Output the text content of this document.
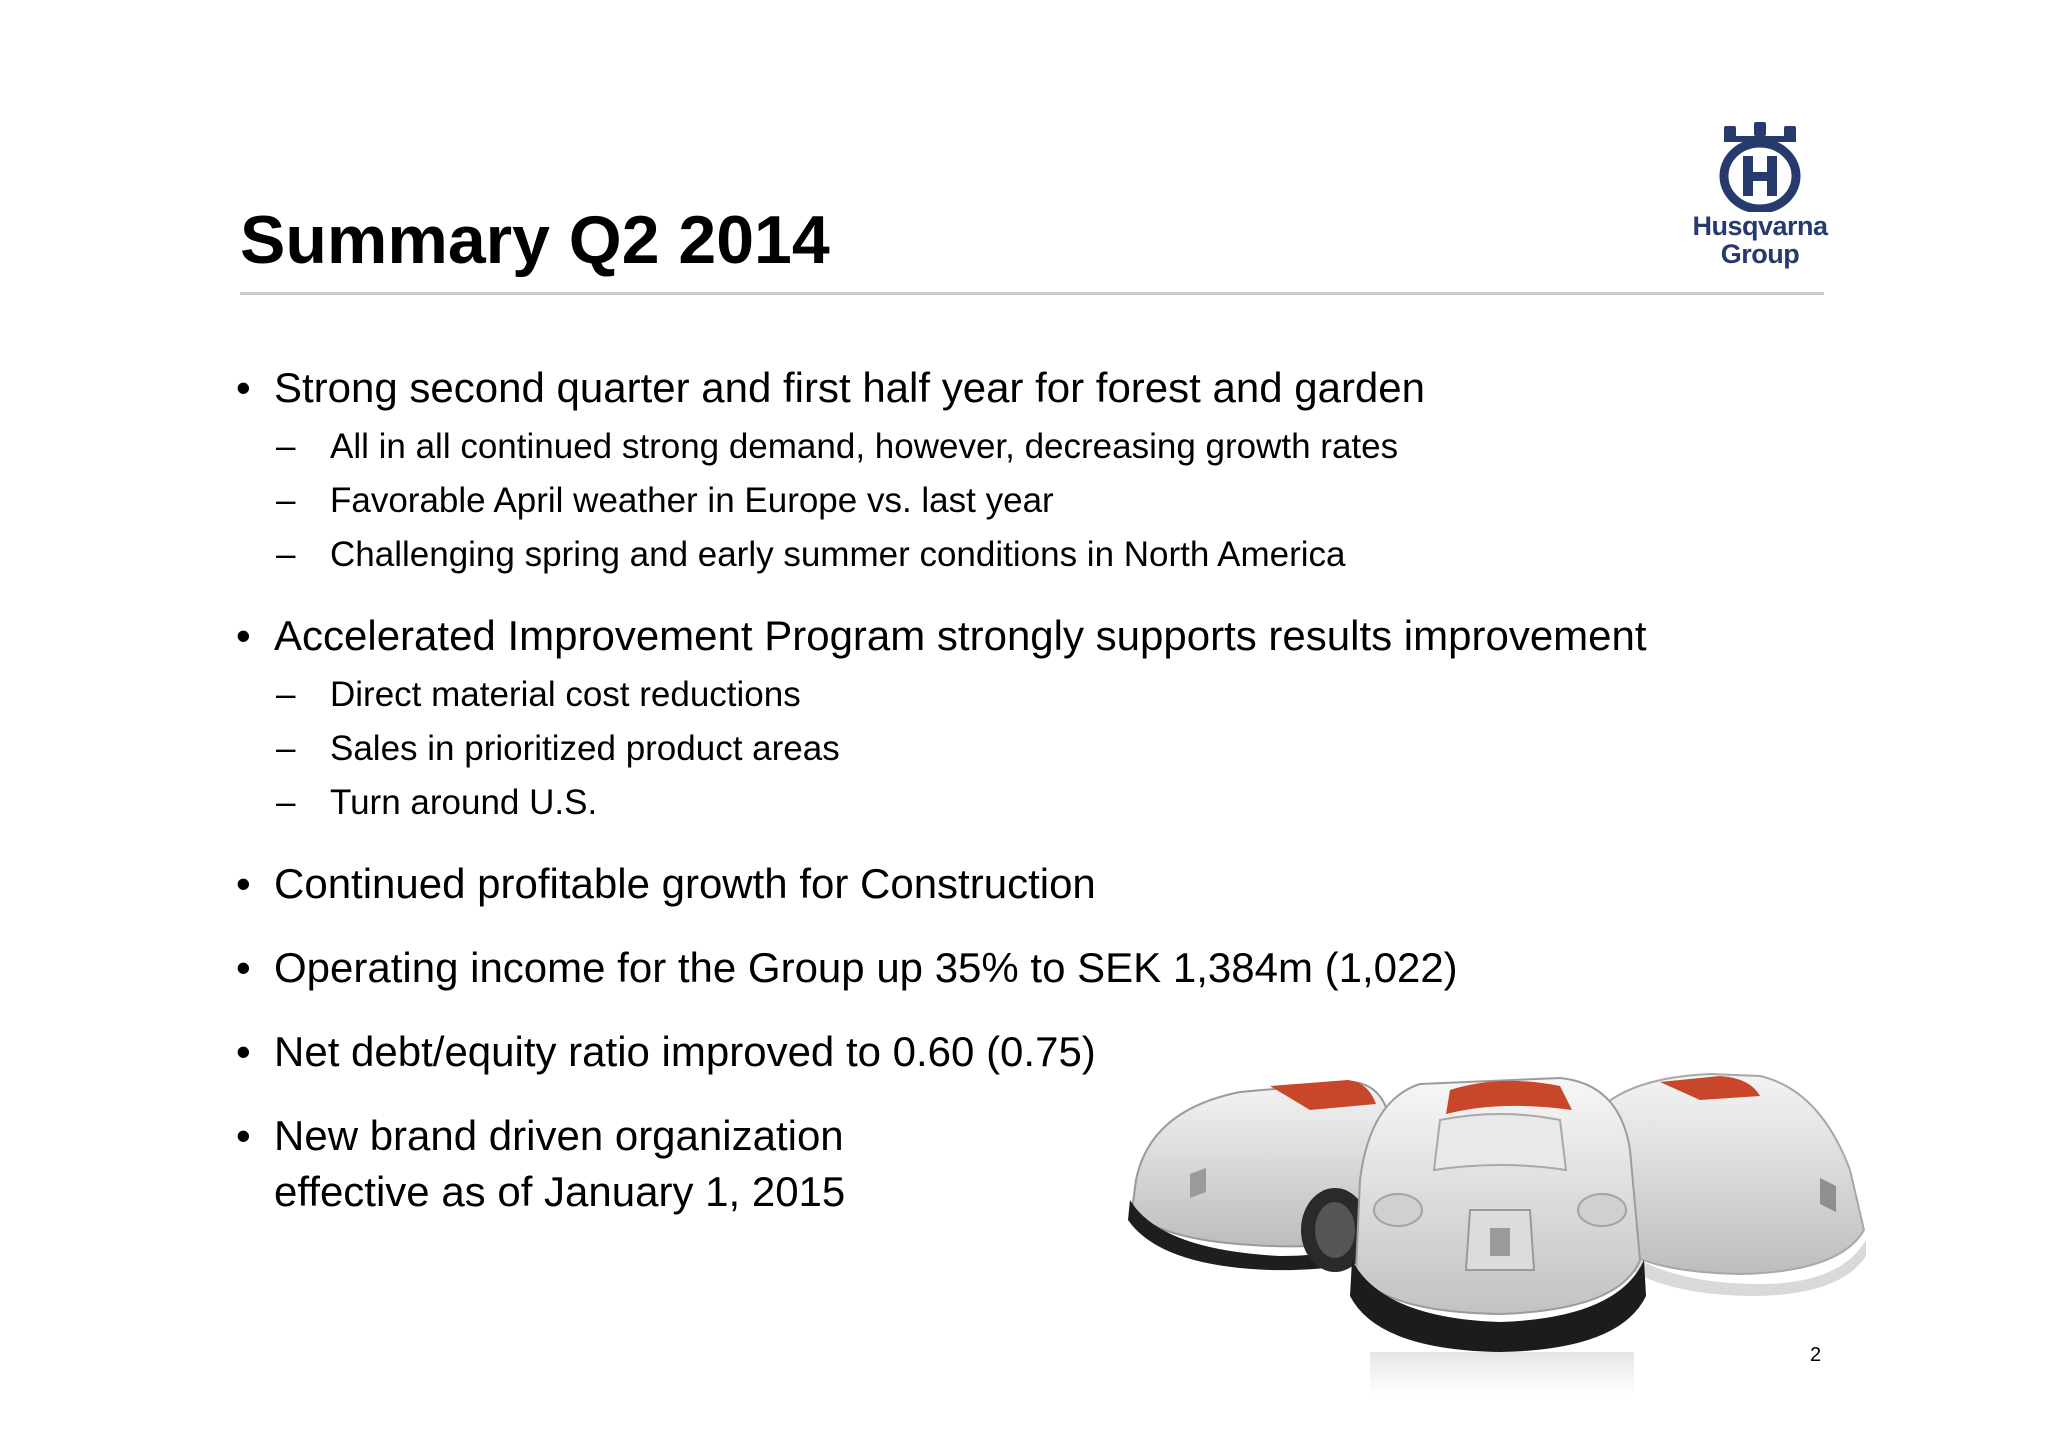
Summary Q2 2014	Husqvarna
Group
• Strong second quarter and first half year for forest and garden
– All in all continued strong demand, however, decreasing growth rates
– Favorable April weather in Europe vs. last year
– Challenging spring and early summer conditions in North America
• Accelerated Improvement Program strongly supports results improvement
– Direct material cost reductions
– Sales in prioritized product areas
– Turn around U.S.
• Continued profitable growth for Construction
• Operating income for the Group up 35% to SEK 1,384m (1,022)
• Net debt/equity ratio improved to 0.60 (0.75)
• New brand driven organization
effective as of January 1, 2015
2
